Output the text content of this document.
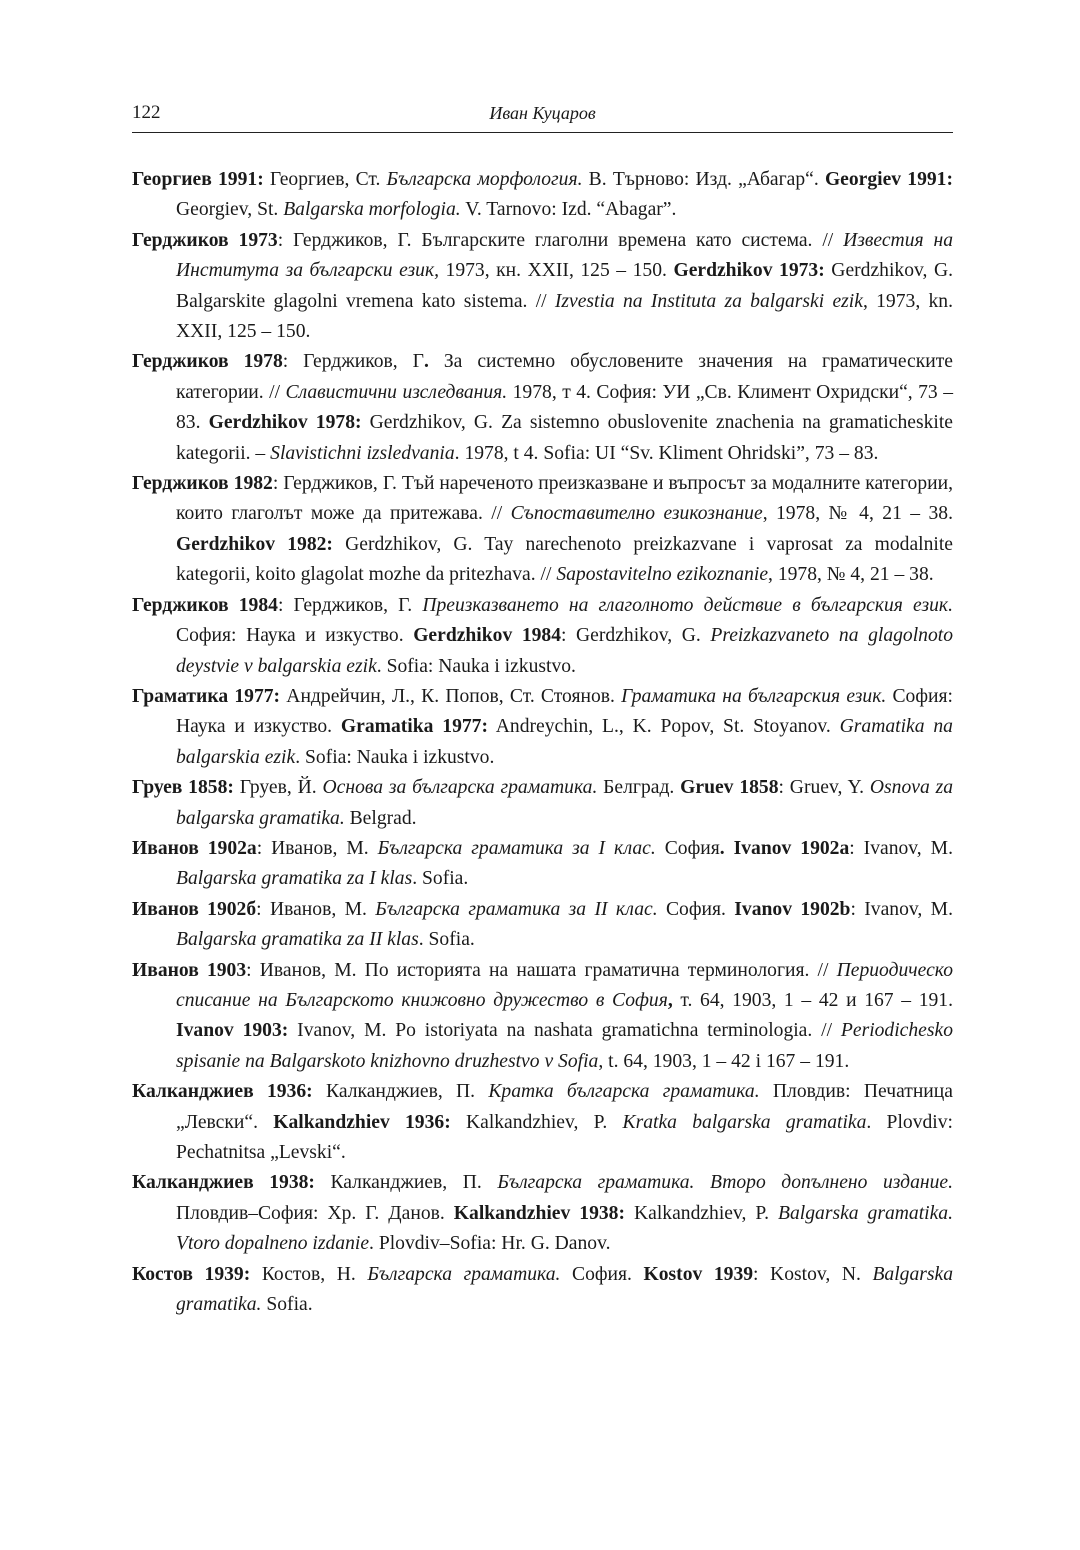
122	Иван Куцаров

Георгиев 1991: Георгиев, Ст. Българска морфология. В. Търново: Изд. „Абагар“. Georgiev 1991: Georgiev, St. Balgarska morfologia. V. Tarnovo: Izd. “Abagar”.

Герджиков 1973: Герджиков, Г. Българските глаголни времена като система. // Известия на Института за български език, 1973, кн. XXII, 125 – 150. Gerdzhikov 1973: Gerdzhikov, G. Balgarskite glagolni vremena kato sistema. // Izvestia na Instituta za balgarski ezik, 1973, kn. XXII, 125 – 150.

Герджиков 1978: Герджиков, Г. За системно обусловените значения на граматическите категории. // Славистични изследвания. 1978, т 4. София: УИ „Св. Климент Охридски“, 73 – 83. Gerdzhikov 1978: Gerdzhikov, G. Za sistemno obuslovenite znachenia na gramaticheskite kategorii. – Slavistichni izsledvania. 1978, t 4. Sofia: UI “Sv. Kliment Ohridski”, 73 – 83.

Герджиков 1982: Герджиков, Г. Тъй нареченото преизказване и въпросът за модалните категории, които глаголът може да притежава. // Съпоставително езикознание, 1978, № 4, 21 – 38. Gerdzhikov 1982: Gerdzhikov, G. Tay narechenoto preizkazvane i vaprosat za modalnite kategorii, koito glagolat mozhe da pritezhava. // Sapostavitelno ezikoznanie, 1978, № 4, 21 – 38.

Герджиков 1984: Герджиков, Г. Преизказването на глаголното действие в българския език. София: Наука и изкуство. Gerdzhikov 1984: Gerdzhikov, G. Preizkazvaneto na glagolnoto deystvie v balgarskia ezik. Sofia: Nauka i izkustvo.

Граматика 1977: Андрейчин, Л., К. Попов, Ст. Стоянов. Граматика на българския език. София: Наука и изкуство. Gramatika 1977: Andreychin, L., K. Popov, St. Stoyanov. Gramatika na balgarskia ezik. Sofia: Nauka i izkustvo.

Груев 1858: Груев, Й. Основа за българска граматика. Белград. Gruev 1858: Gruev, Y. Osnova za balgarska gramatika. Belgrad.

Иванов 1902а: Иванов, М. Българска граматика за I клас. София. Ivanov 1902a: Ivanov, M. Balgarska gramatika za I klas. Sofia.

Иванов 1902б: Иванов, М. Българска граматика за II клас. София. Ivanov 1902b: Ivanov, M. Balgarska gramatika za II klas. Sofia.

Иванов 1903: Иванов, М. По историята на нашата граматична терминология. // Периодическо списание на Българското книжовно дружество в София, т. 64, 1903, 1 – 42 и 167 – 191. Ivanov 1903: Ivanov, M. Po istoriyata na nashata gramatichna terminologia. // Periodichesko spisanie na Balgarskoto knizhovno druzhestvo v Sofia, t. 64, 1903, 1 – 42 i 167 – 191.

Калканджиев 1936: Калканджиев, П. Кратка българска граматика. Пловдив: Печатница „Левски“. Kalkandzhiev 1936: Kalkandzhiev, P. Kratka balgarska gramatika. Plovdiv: Pechatnitsa „Levski“.

Калканджиев 1938: Калканджиев, П. Българска граматика. Второ допълнено издание. Пловдив–София: Хр. Г. Данов. Kalkandzhiev 1938: Kalkandzhiev, P. Balgarska gramatika. Vtoro dopalneno izdanie. Plovdiv–Sofia: Hr. G. Danov.

Костов 1939: Костов, Н. Българска граматика. София. Kostov 1939: Kostov, N. Balgarska gramatika. Sofia.
